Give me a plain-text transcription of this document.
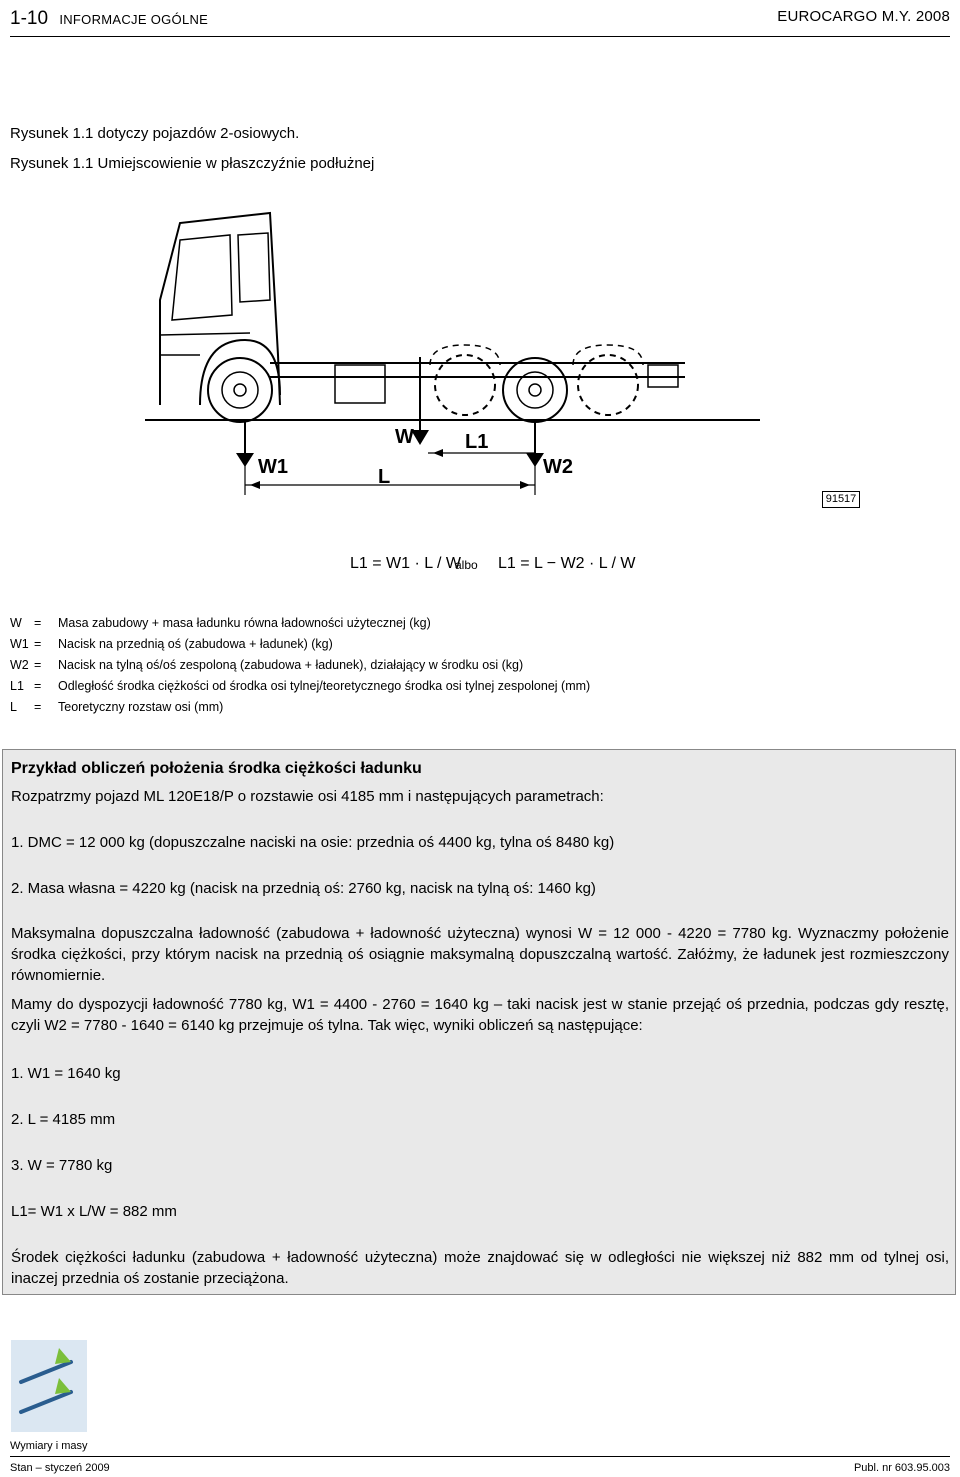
1-10 INFORMACJE OGÓLNE	EUROCARGO M.Y. 2008
Rysunek 1.1 dotyczy pojazdów 2-osiowych.
Rysunek 1.1 Umiejscowienie w płaszczyźnie podłużnej
W1
W	L1
W2
L
91517
L1 = W1 · L / W
albo L1 = L − W2 · L / W
W =	Masa zabudowy + masa ładunku równa ładowności użytecznej (kg)
W1 =	Nacisk na przednią oś (zabudowa + ładunek) (kg)
W2 =	Nacisk na tylną oś/oś zespoloną (zabudowa + ładunek), działający w środku osi (kg)
L1 =	Odległość środka ciężkości od środka osi tylnej/teoretycznego środka osi tylnej zespolonej (mm)
L	=	Teoretyczny rozstaw osi (mm)
Przykład obliczeń położenia środka ciężkości ładunku
Rozpatrzmy pojazd ML 120E18/P o rozstawie osi 4185 mm i następujących parametrach:
1. DMC = 12 000 kg (dopuszczalne naciski na osie: przednia oś 4400 kg, tylna oś 8480 kg)
2. Masa własna = 4220 kg (nacisk na przednią oś: 2760 kg, nacisk na tylną oś: 1460 kg)
Maksymalna dopuszczalna ładowność (zabudowa + ładowność użyteczna) wynosi W = 12 000 - 4220 = 7780 kg. Wyznaczmy położenie środka ciężkości, przy którym nacisk na przednią oś osiągnie maksymalną dopuszczalną wartość. Załóżmy, że ładunek jest rozmieszczony równomiernie.
Mamy do dyspozycji ładowność 7780 kg, W1 = 4400 - 2760 = 1640 kg – taki nacisk jest w stanie przejąć oś przednia, podczas gdy resztę, czyli W2 = 7780 - 1640 = 6140 kg przejmuje oś tylna. Tak więc, wyniki obliczeń są następujące:
1. W1 = 1640 kg
2. L = 4185 mm
3. W = 7780 kg
L1= W1 x L/W = 882 mm
Środek ciężkości ładunku (zabudowa + ładowność użyteczna) może znajdować się w odległości nie większej niż 882 mm od tylnej osi, inaczej przednia oś zostanie przeciążona.
Wymiary i masy
Stan – styczeń 2009	Publ. nr 603.95.003
